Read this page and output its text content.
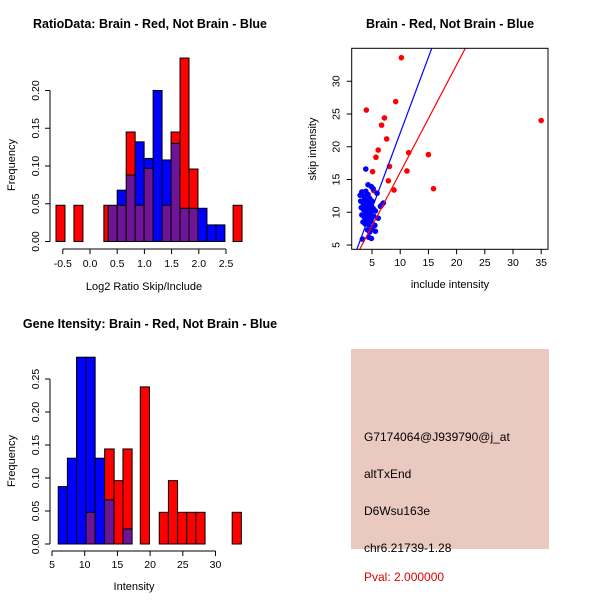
RatioData: Brain - Red, Not Brain - Blue
0.00
0.05
0.10
0.15
0.20
-0.5 0.0 0.5 1.0 1.5 2.0 2.5
Log2 Ratio Skip/Include
Frequency
Brain - Red, Not Brain - Blue
5 10 15 20 25 30 35
5
10
15
20
25
30
include intensity
skip intensity
Gene Itensity: Brain - Red, Not Brain - Blue
0.00
0.05
0.10
0.15
0.20
0.25
5 10 15 20 25 30
Intensity
Frequency	G7174064@J939790@j_at
altTxEnd
D6Wsu163e
chr6.21739-1.28
Pval: 2.000000
